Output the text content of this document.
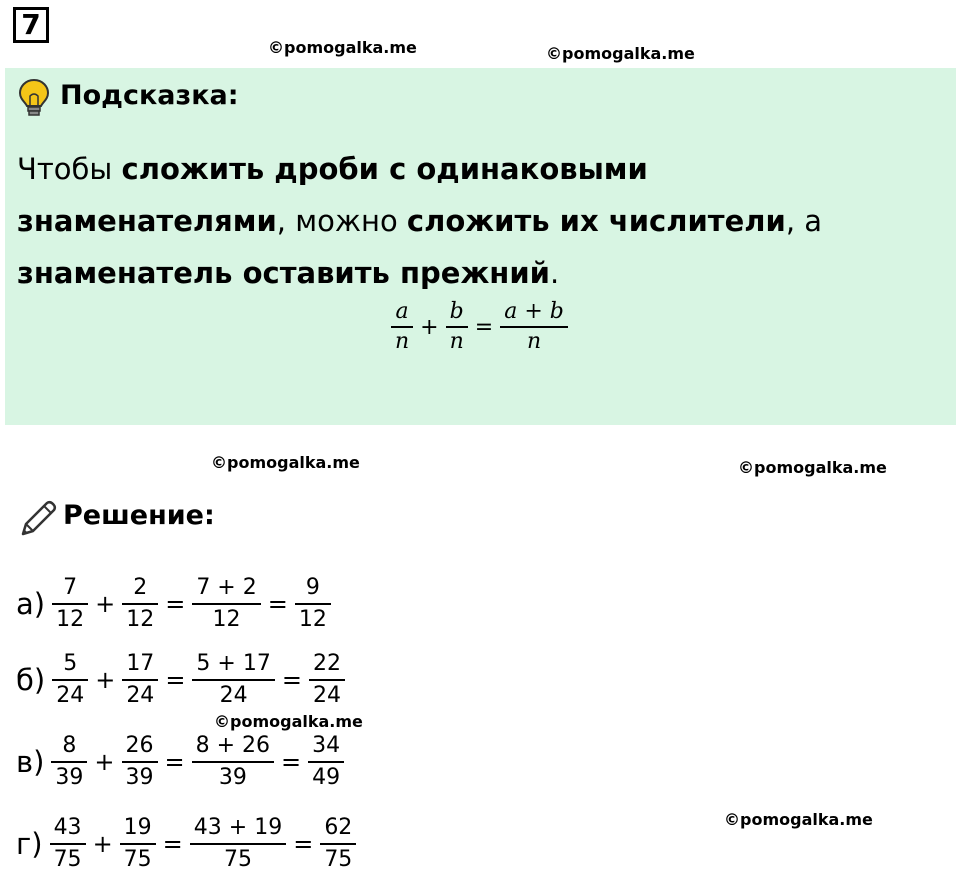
7
©pomogalka.me	©pomogalka.me
Подсказка:
Чтобы сложить дроби с одинаковыми знаменателями, можно сложить их числители, а знаменатель оставить прежний.
$\frac{a}{n} + \frac{b}{n} = \frac{a + b}{n}$
©pomogalka.me	©pomogalka.me
Решение:
$а) \frac{7}{12} + \frac{2}{12} = \frac{7 + 2}{12} = \frac{9}{12}$
$б) \frac{5}{24} + \frac{17}{24} = \frac{5 + 17}{24} = \frac{22}{24}$
©pomogalka.me
$в) \frac{8}{39} + \frac{26}{39} = \frac{8 + 26}{39} = \frac{34}{49}$
©pomogalka.me
$г) \frac{43}{75} + \frac{19}{75} = \frac{43 + 19}{75} = \frac{62}{75}$
